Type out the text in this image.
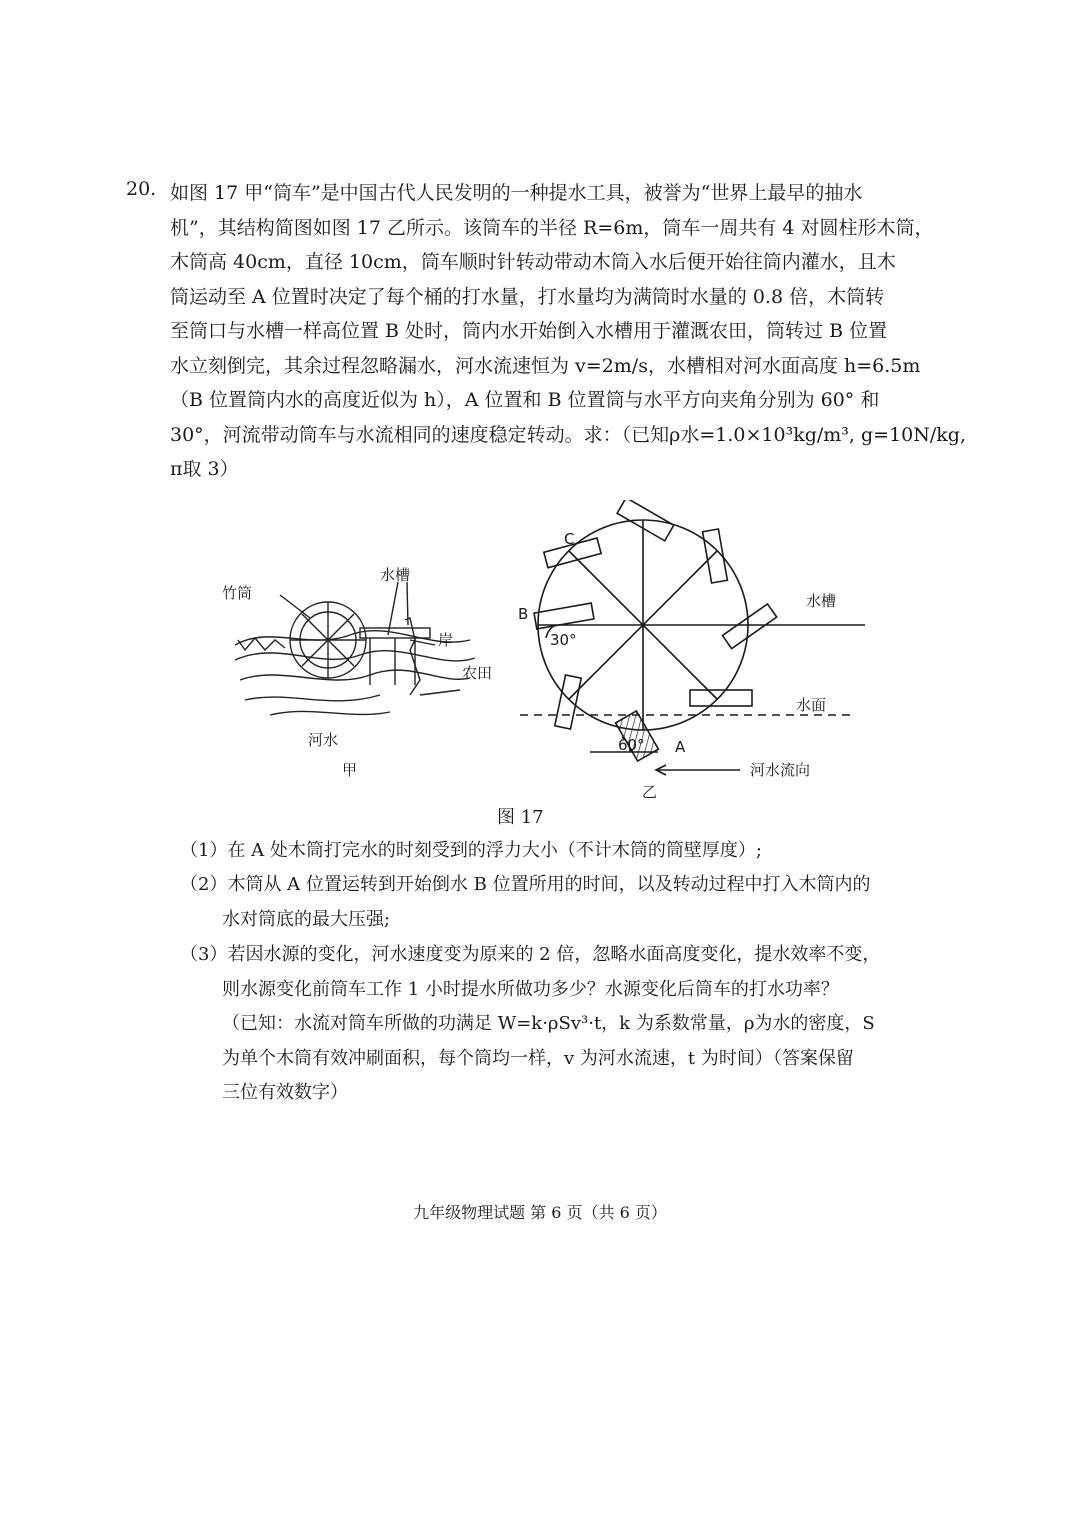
20. 如图 17 甲“筒车”是中国古代人民发明的一种提水工具，被誉为“世界上最早的抽水
机”，其结构简图如图 17 乙所示。该筒车的半径 R=6m，筒车一周共有 4 对圆柱形木筒，
木筒高 40cm，直径 10cm，筒车顺时针转动带动木筒入水后便开始往筒内灌水，且木
筒运动至 A 位置时决定了每个桶的打水量，打水量均为满筒时水量的 0.8 倍，木筒转
至筒口与水槽一样高位置 B 处时，筒内水开始倒入水槽用于灌溉农田，筒转过 B 位置
水立刻倒完，其余过程忽略漏水，河水流速恒为 v=2m/s，水槽相对河水面高度 h=6.5m
（B 位置筒内水的高度近似为 h），A 位置和 B 位置筒与水平方向夹角分别为 60° 和
30°，河流带动筒车与水流相同的速度稳定转动。求：（已知ρ水=1.0×10³kg/m³, g=10N/kg,
π取 3）
竹筒
水槽
岸
农田
河水
甲
C
B
30°
水槽
水面
60° A
河水流向
乙
图 17
（1）在 A 处木筒打完水的时刻受到的浮力大小（不计木筒的筒壁厚度）;
（2）木筒从 A 位置运转到开始倒水 B 位置所用的时间，以及转动过程中打入木筒内的
水对筒底的最大压强;
（3）若因水源的变化，河水速度变为原来的 2 倍，忽略水面高度变化，提水效率不变，
则水源变化前筒车工作 1 小时提水所做功多少？水源变化后筒车的打水功率？
（已知：水流对筒车所做的功满足 W=k·ρSv³·t，k 为系数常量，ρ为水的密度，S
为单个木筒有效冲刷面积，每个筒均一样，v 为河水流速，t 为时间）（答案保留
三位有效数字）
九年级物理试题 第 6 页（共 6 页）
